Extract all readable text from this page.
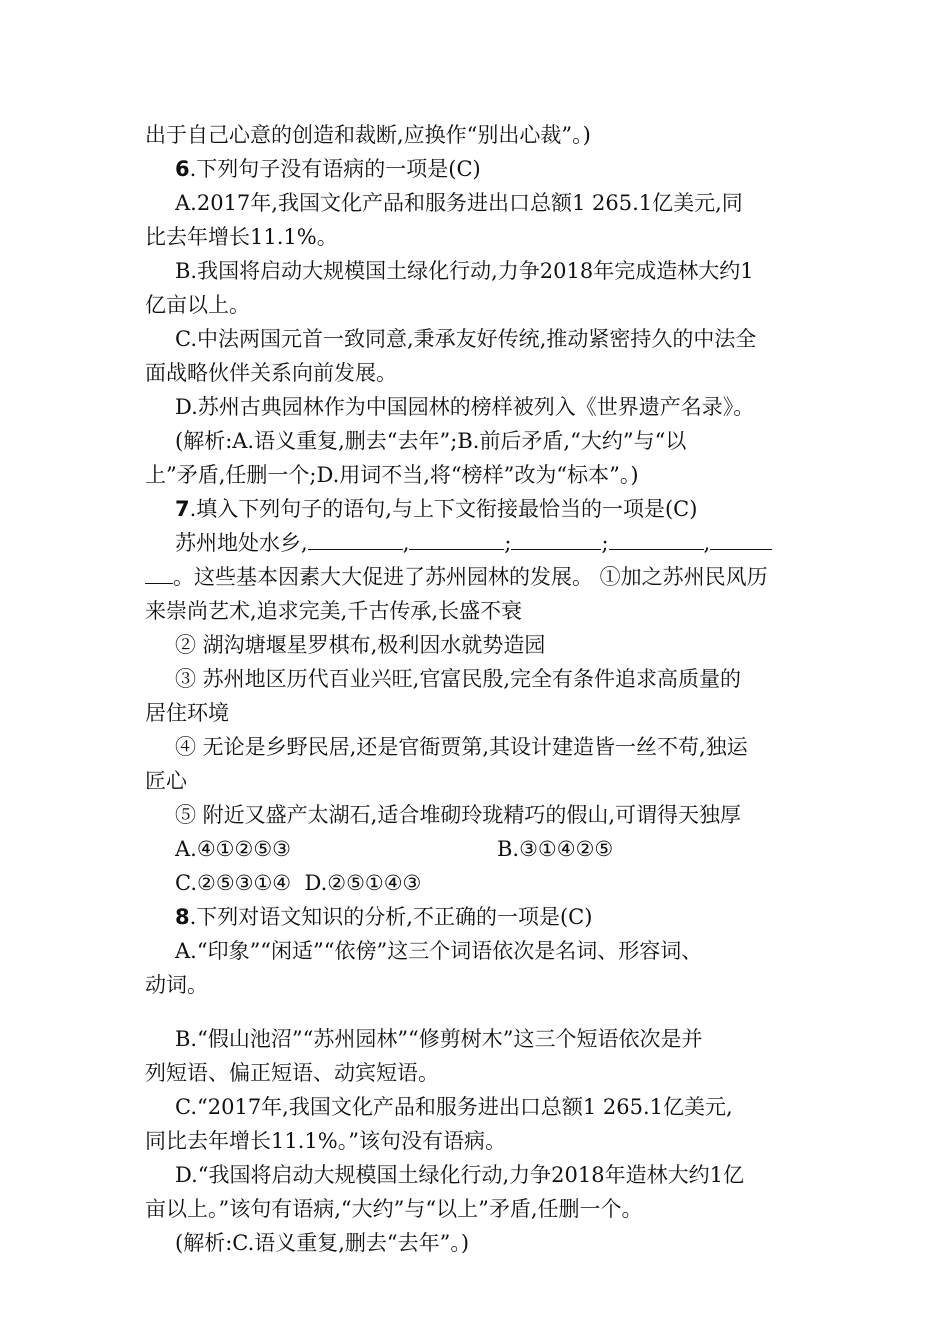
出于自己心意的创造和裁断,应换作“别出心裁”。)
6.下列句子没有语病的一项是(C)
A.2017年,我国文化产品和服务进出口总额1 265.1亿美元,同
比去年增长11.1%。
B.我国将启动大规模国土绿化行动,力争2018年完成造林大约1
亿亩以上。
C.中法两国元首一致同意,秉承友好传统,推动紧密持久的中法全
面战略伙伴关系向前发展。
D.苏州古典园林作为中国园林的榜样被列入《世界遗产名录》。
(解析:A.语义重复,删去“去年”;B.前后矛盾,“大约”与“以
上”矛盾,任删一个;D.用词不当,将“榜样”改为“标本”。)
7.填入下列句子的语句,与上下文衔接最恰当的一项是(C)
苏州地处水乡,	,	;	;	,
。这些基本因素大大促进了苏州园林的发展。 ①加之苏州民风历
来崇尚艺术,追求完美,千古传承,长盛不衰
② 湖沟塘堰星罗棋布,极利因水就势造园
③ 苏州地区历代百业兴旺,官富民殷,完全有条件追求高质量的
居住环境
④ 无论是乡野民居,还是官衙贾第,其设计建造皆一丝不苟,独运
匠心
⑤ 附近又盛产太湖石,适合堆砌玲珑精巧的假山,可谓得天独厚
A.④①②⑤③	B.③①④②⑤
C.②⑤③①④  D.②⑤①④③
8.下列对语文知识的分析,不正确的一项是(C)
A.“印象”“闲适”“依傍”这三个词语依次是名词、形容词、
动词。
B.“假山池沼”“苏州园林”“修剪树木”这三个短语依次是并
列短语、偏正短语、动宾短语。
C.“2017年,我国文化产品和服务进出口总额1 265.1亿美元,
同比去年增长11.1%。”该句没有语病。
D.“我国将启动大规模国土绿化行动,力争2018年造林大约1亿
亩以上。”该句有语病,“大约”与“以上”矛盾,任删一个。
(解析:C.语义重复,删去“去年”。)
